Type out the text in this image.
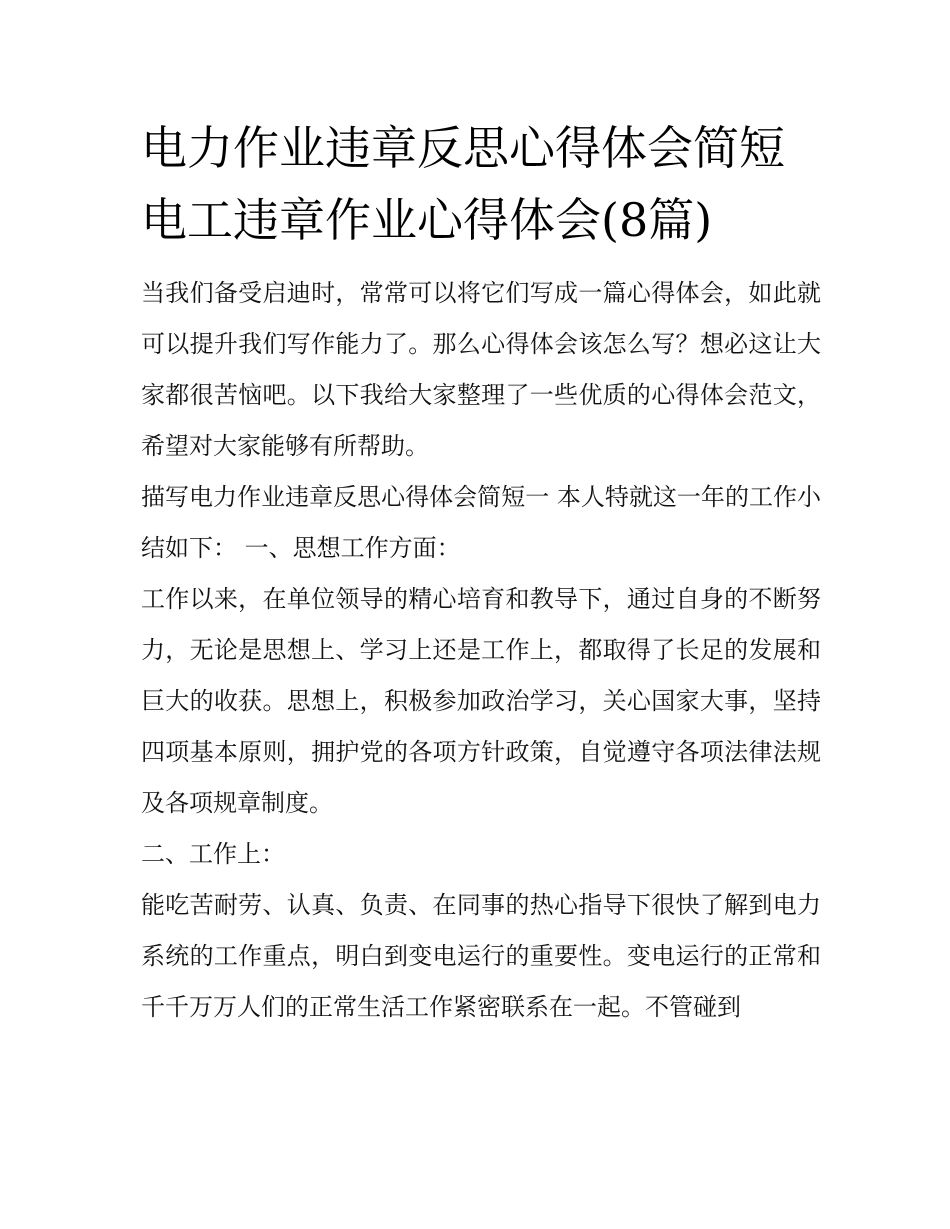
电力作业违章反思心得体会简短 电工违章作业心得体会(8篇)

当我们备受启迪时，常常可以将它们写成一篇心得体会，如此就可以提升我们写作能力了。那么心得体会该怎么写？想必这让大家都很苦恼吧。以下我给大家整理了一些优质的心得体会范文，希望对大家能够有所帮助。

描写电力作业违章反思心得体会简短一 本人特就这一年的工作小结如下： 一、思想工作方面：

工作以来，在单位领导的精心培育和教导下，通过自身的不断努力，无论是思想上、学习上还是工作上，都取得了长足的发展和巨大的收获。思想上，积极参加政治学习，关心国家大事，坚持四项基本原则，拥护党的各项方针政策，自觉遵守各项法律法规及各项规章制度。

二、工作上：

能吃苦耐劳、认真、负责、在同事的热心指导下很快了解到电力系统的工作重点，明白到变电运行的重要性。变电运行的正常和千千万万人们的正常生活工作紧密联系在一起。不管碰到
